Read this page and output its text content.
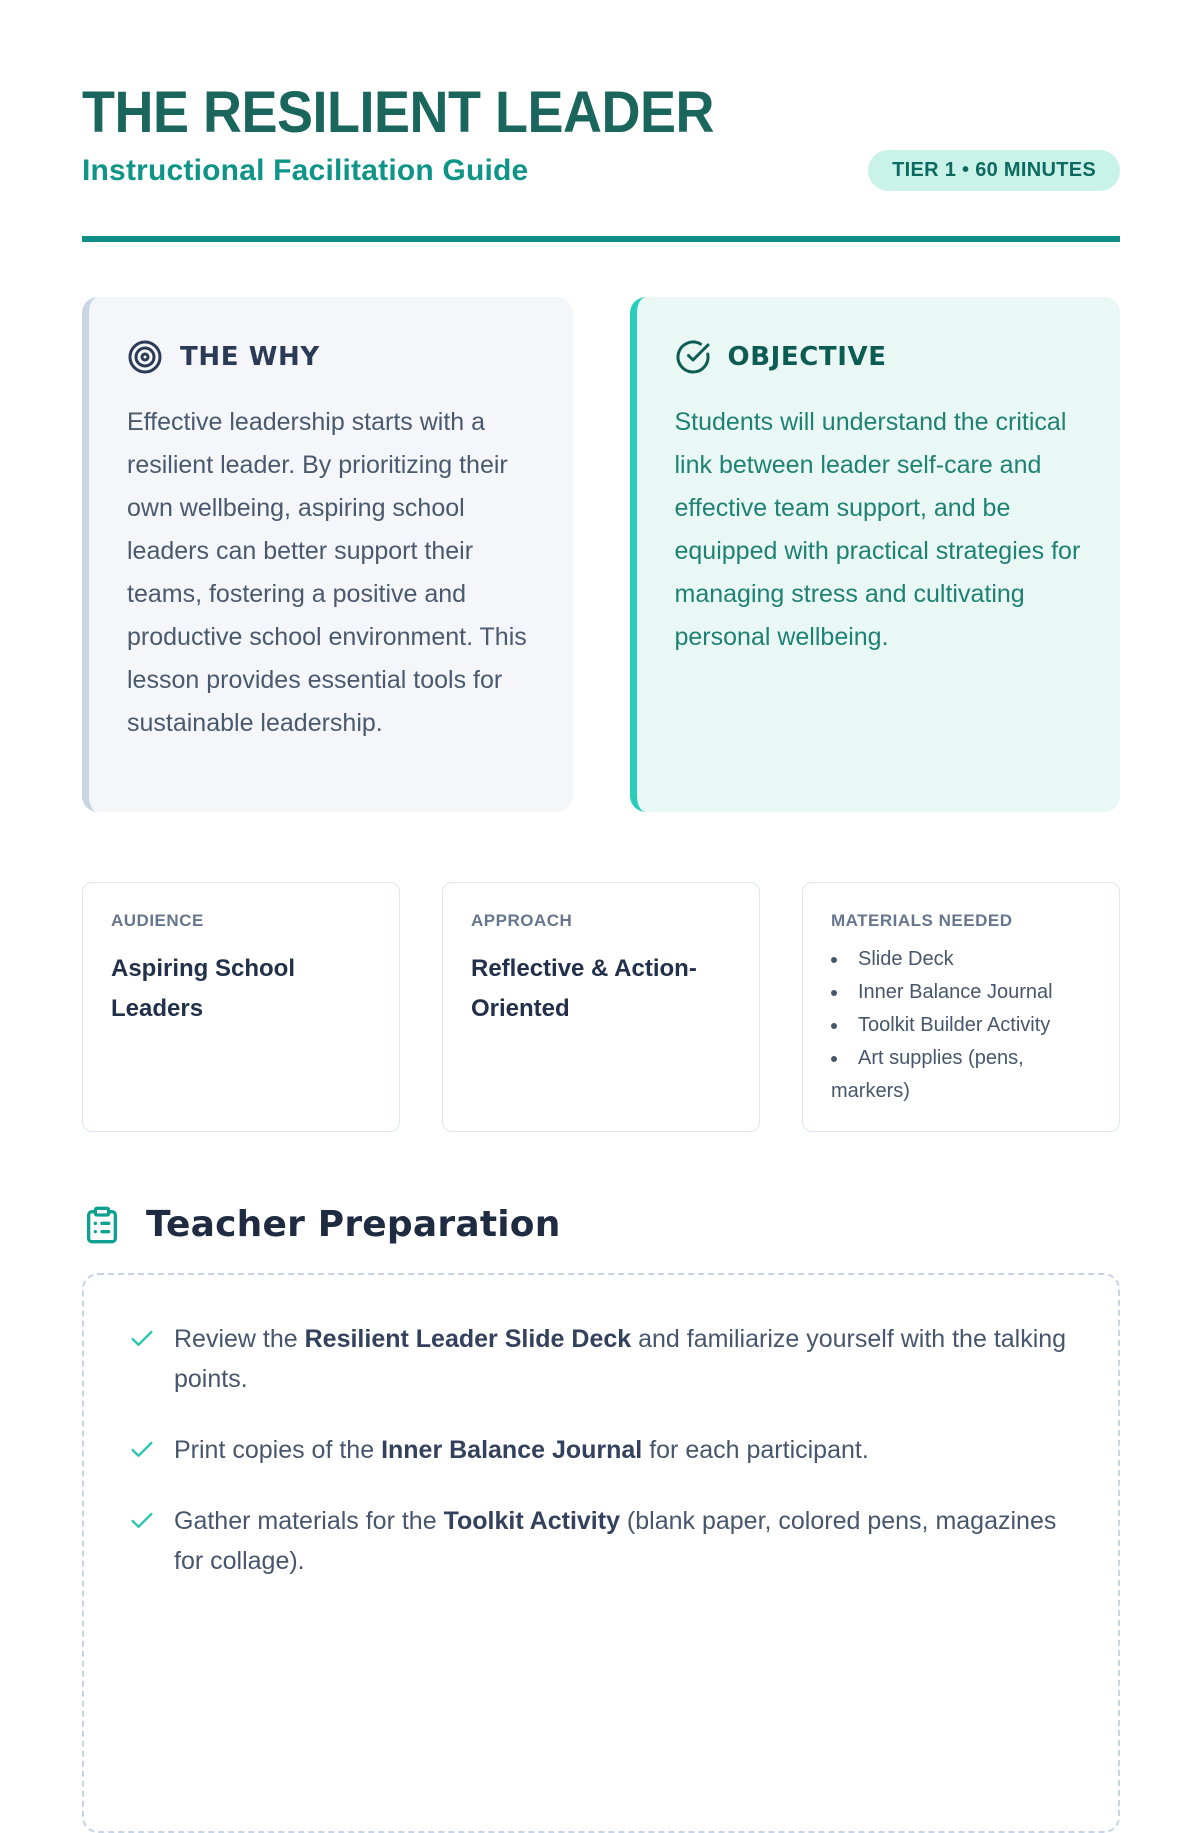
THE RESILIENT LEADER
Instructional Facilitation Guide	TIER 1 • 60 MINUTES
THE WHY

Effective leadership starts with a resilient leader. By prioritizing their own wellbeing, aspiring school leaders can better support their teams, fostering a positive and productive school environment. This lesson provides essential tools for sustainable leadership.

OBJECTIVE

Students will understand the critical link between leader self-care and effective team support, and be equipped with practical strategies for managing stress and cultivating personal wellbeing.

AUDIENCE
Aspiring School Leaders
APPROACH
Reflective & Action-Oriented
MATERIALS NEEDED
• Slide Deck
• Inner Balance Journal
• Toolkit Builder Activity
• Art supplies (pens, markers)
Teacher Preparation
Review the Resilient Leader Slide Deck and familiarize yourself with the talking points.
Print copies of the Inner Balance Journal for each participant.
Gather materials for the Toolkit Activity (blank paper, colored pens, magazines for collage).
